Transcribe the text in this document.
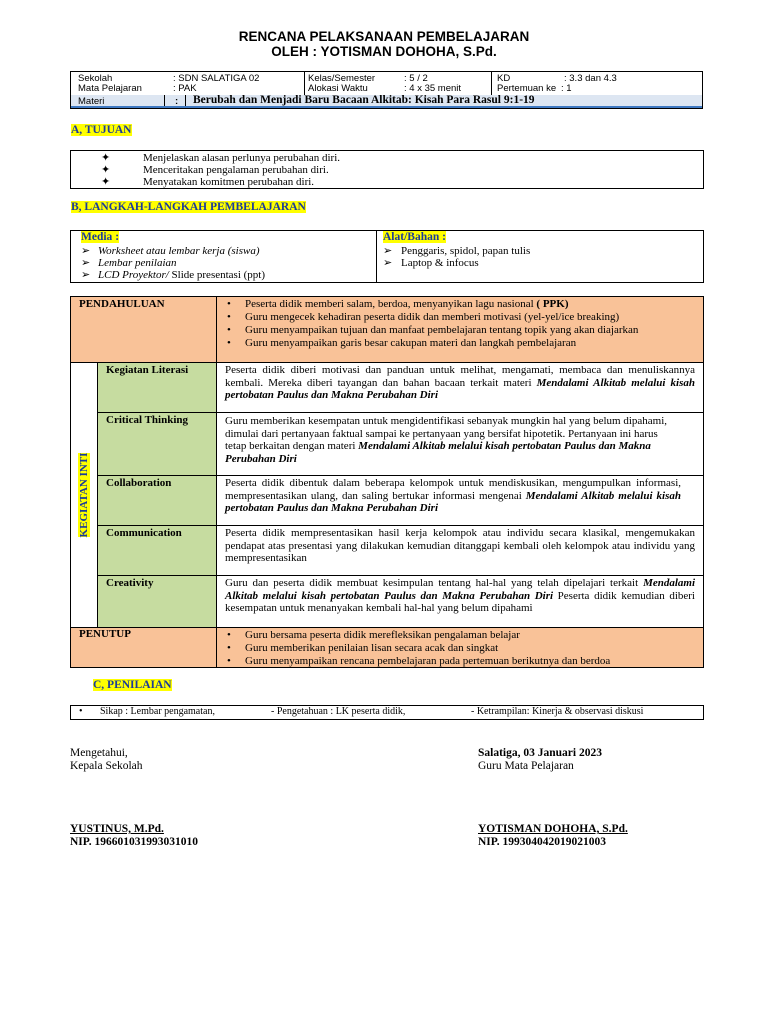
RENCANA PELAKSANAAN PEMBELAJARAN
OLEH : YOTISMAN DOHOHA, S.Pd.
Sekolah	: SDN SALATIGA 02
Mata Pelajaran	: PAK
Kelas/Semester	: 5 / 2
Alokasi Waktu	: 4 x 35 menit
KD	: 3.3 dan 4.3
Pertemuan ke : 1
Materi	: Berubah dan Menjadi Baru Bacaan Alkitab: Kisah Para Rasul 9:1-19
A, TUJUAN
✦	Menjelaskan alasan perlunya perubahan diri.
✦	Menceritakan pengalaman perubahan diri.
✦	Menyatakan komitmen perubahan diri.
B, LANGKAH-LANGKAH PEMBELAJARAN
Media :
➢ Worksheet atau lembar kerja (siswa)
➢ Lembar penilaian
➢ LCD Proyektor/ Slide presentasi (ppt)
Alat/Bahan :
➢ Penggaris, spidol, papan tulis
➢ Laptop & infocus
PENDAHULUAN	• Peserta didik memberi salam, berdoa, menyanyikan lagu nasional ( PPK)
• Guru mengecek kehadiran peserta didik dan memberi motivasi (yel-yel/ice breaking)
• Guru menyampaikan tujuan dan manfaat pembelajaran tentang topik yang akan diajarkan
• Guru menyampaikan garis besar cakupan materi dan langkah pembelajaran
KEGIATAN INTI
Kegiatan Literasi	Peserta didik diberi motivasi dan panduan untuk melihat, mengamati, membaca dan menuliskannya kembali. Mereka diberi tayangan dan bahan bacaan terkait materi Mendalami Alkitab melalui kisah pertobatan Paulus dan Makna Perubahan Diri
Critical Thinking	Guru memberikan kesempatan untuk mengidentifikasi sebanyak mungkin hal yang belum dipahami, dimulai dari pertanyaan faktual sampai ke pertanyaan yang bersifat hipotetik. Pertanyaan ini harus tetap berkaitan dengan materi Mendalami Alkitab melalui kisah pertobatan Paulus dan Makna Perubahan Diri
Collaboration	Peserta didik dibentuk dalam beberapa kelompok untuk mendiskusikan, mengumpulkan informasi, mempresentasikan ulang, dan saling bertukar informasi mengenai Mendalami Alkitab melalui kisah pertobatan Paulus dan Makna Perubahan Diri
Communication	Peserta didik mempresentasikan hasil kerja kelompok atau individu secara klasikal, mengemukakan pendapat atas presentasi yang dilakukan kemudian ditanggapi kembali oleh kelompok atau individu yang mempresentasikan
Creativity	Guru dan peserta didik membuat kesimpulan tentang hal-hal yang telah dipelajari terkait Mendalami Alkitab melalui kisah pertobatan Paulus dan Makna Perubahan Diri Peserta didik kemudian diberi kesempatan untuk menanyakan kembali hal-hal yang belum dipahami
PENUTUP	• Guru bersama peserta didik merefleksikan pengalaman belajar
• Guru memberikan penilaian lisan secara acak dan singkat
• Guru menyampaikan rencana pembelajaran pada pertemuan berikutnya dan berdoa
C, PENILAIAN
• Sikap : Lembar pengamatan,	- Pengetahuan : LK peserta didik,	- Ketrampilan: Kinerja & observasi diskusi
Mengetahui,
Kepala Sekolah
YUSTINUS, M.Pd.
NIP. 196601031993031010
Salatiga, 03 Januari 2023
Guru Mata Pelajaran
YOTISMAN DOHOHA, S.Pd.
NIP. 199304042019021003
